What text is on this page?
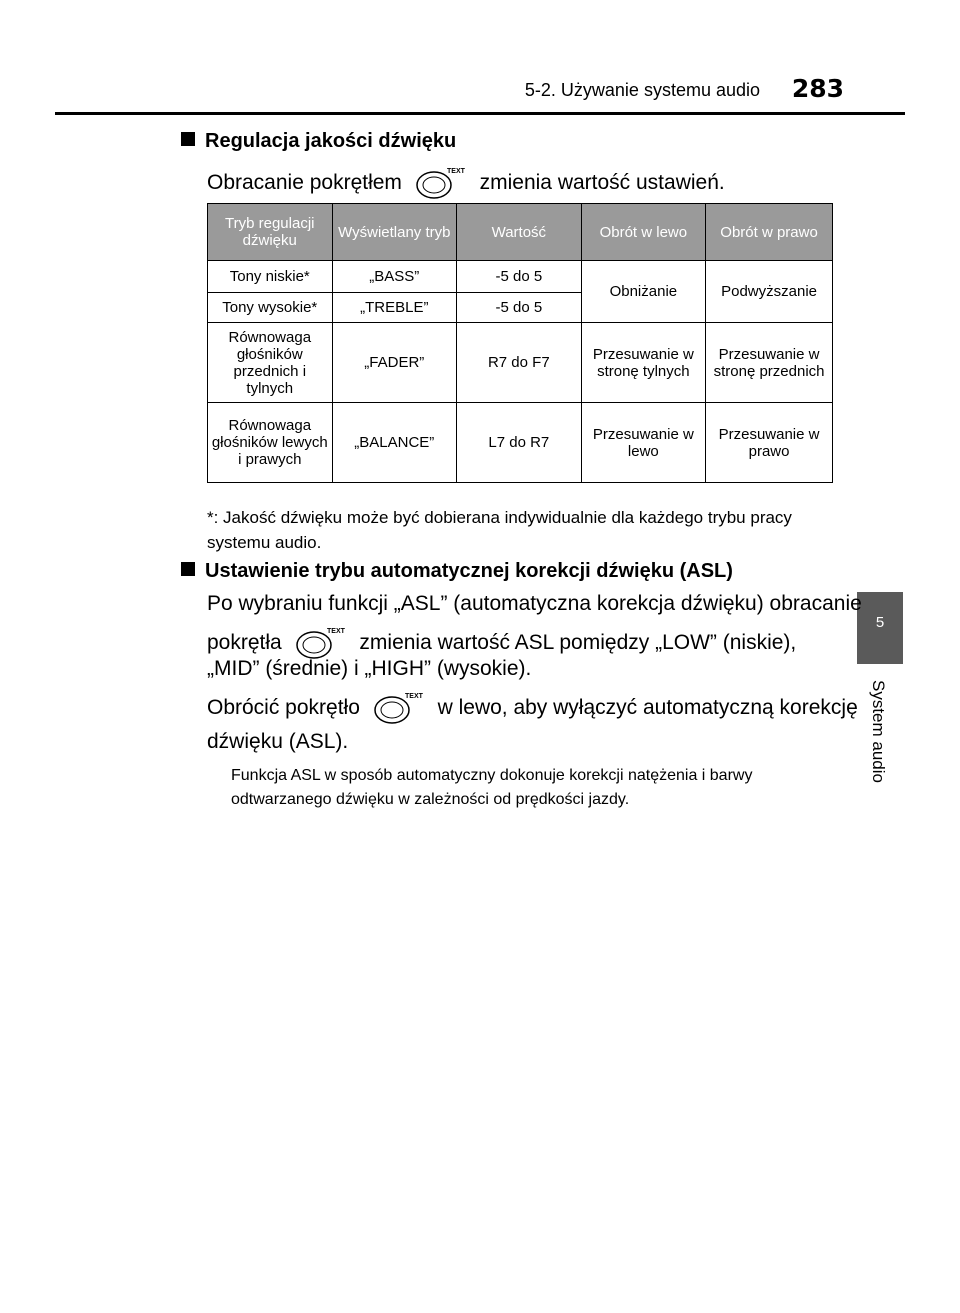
5-2. Używanie systemu audio 283
5
System audio
Regulacja jakości dźwięku
Obracanie pokrętłem	TEXT zmienia wartość ustawień.
Tryb regulacji dźwięku	Wyświetlany tryb	Wartość	Obrót w lewo	Obrót w prawo
Tony niskie*	„BASS”	-5 do 5	Obniżanie	Podwyższanie
Tony wysokie*	„TREBLE”	-5 do 5		
Równowaga głośników przednich i tylnych	„FADER”	R7 do F7	Przesuwanie w stronę tylnych	Przesuwanie w stronę przednich
Równowaga głośników lewych i prawych	„BALANCE”	L7 do R7	Przesuwanie w lewo	Przesuwanie w prawo
*: Jakość dźwięku może być dobierana indywidualnie dla każdego trybu pracy systemu audio.
Ustawienie trybu automatycznej korekcji dźwięku (ASL)
Po wybraniu funkcji „ASL” (automatyczna korekcja dźwięku) obracanie
pokrętła	TEXT zmienia wartość ASL pomiędzy „LOW” (niskie),
„MID” (średnie) i „HIGH” (wysokie).
Obrócić pokrętło	TEXT w lewo, aby wyłączyć automatyczną korekcję
dźwięku (ASL).
Funkcja ASL w sposób automatyczny dokonuje korekcji natężenia i barwy
odtwarzanego dźwięku w zależności od prędkości jazdy.
